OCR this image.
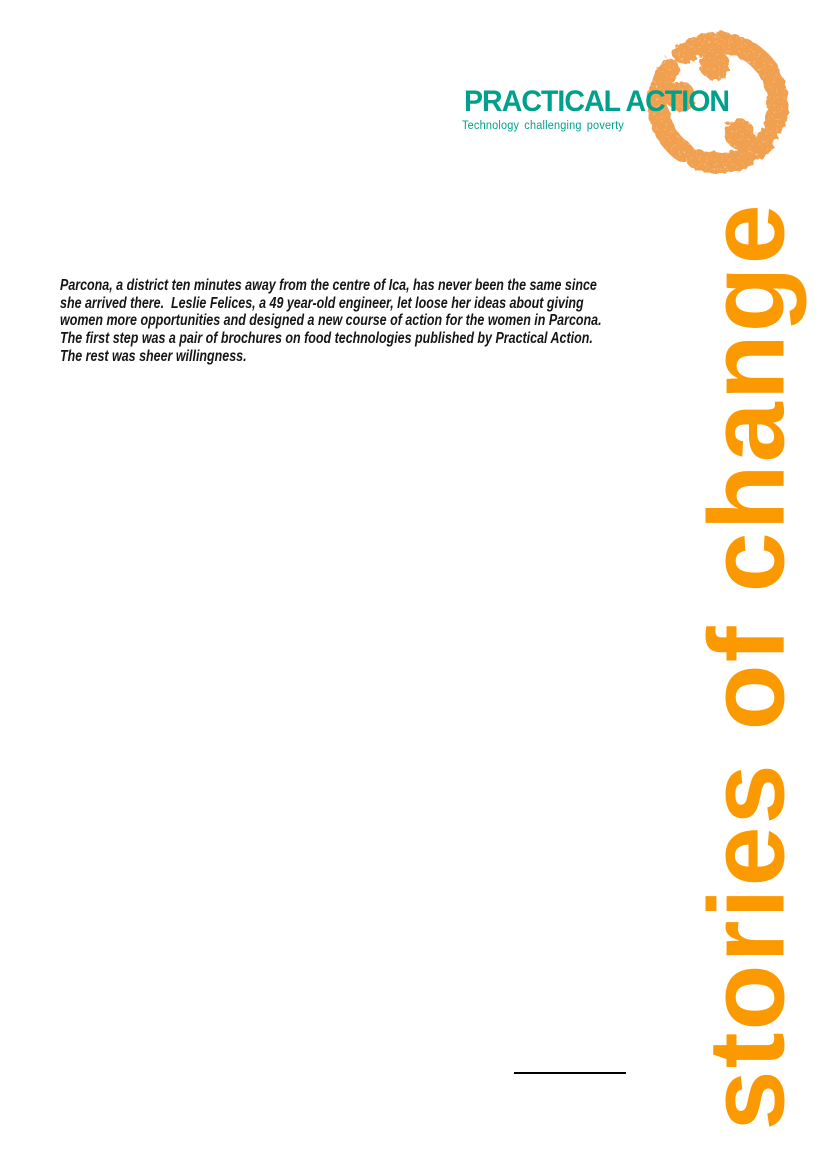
PRACTICAL ACTION
Technology challenging poverty
Parcona, a district ten minutes away from the centre of Ica, has never been the same since
she arrived there.  Leslie Felices, a 49 year-old engineer, let loose her ideas about giving
women more opportunities and designed a new course of action for the women in Parcona.
The first step was a pair of brochures on food technologies published by Practical Action.
The rest was sheer willingness.	stories of change
